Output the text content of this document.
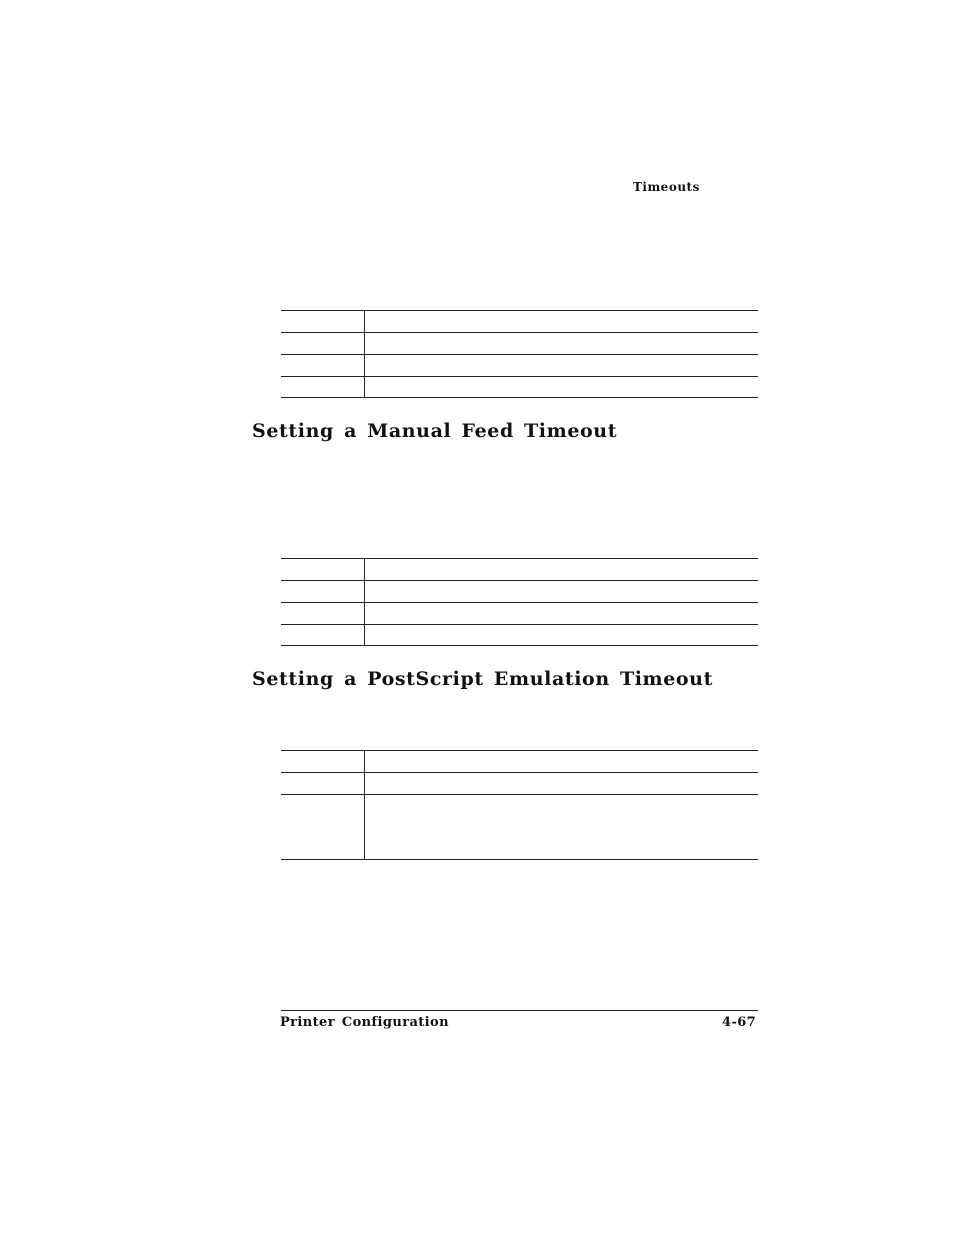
Timeouts
Setting a Manual Feed Timeout
Setting a PostScript Emulation Timeout
Printer Configuration	4-67
